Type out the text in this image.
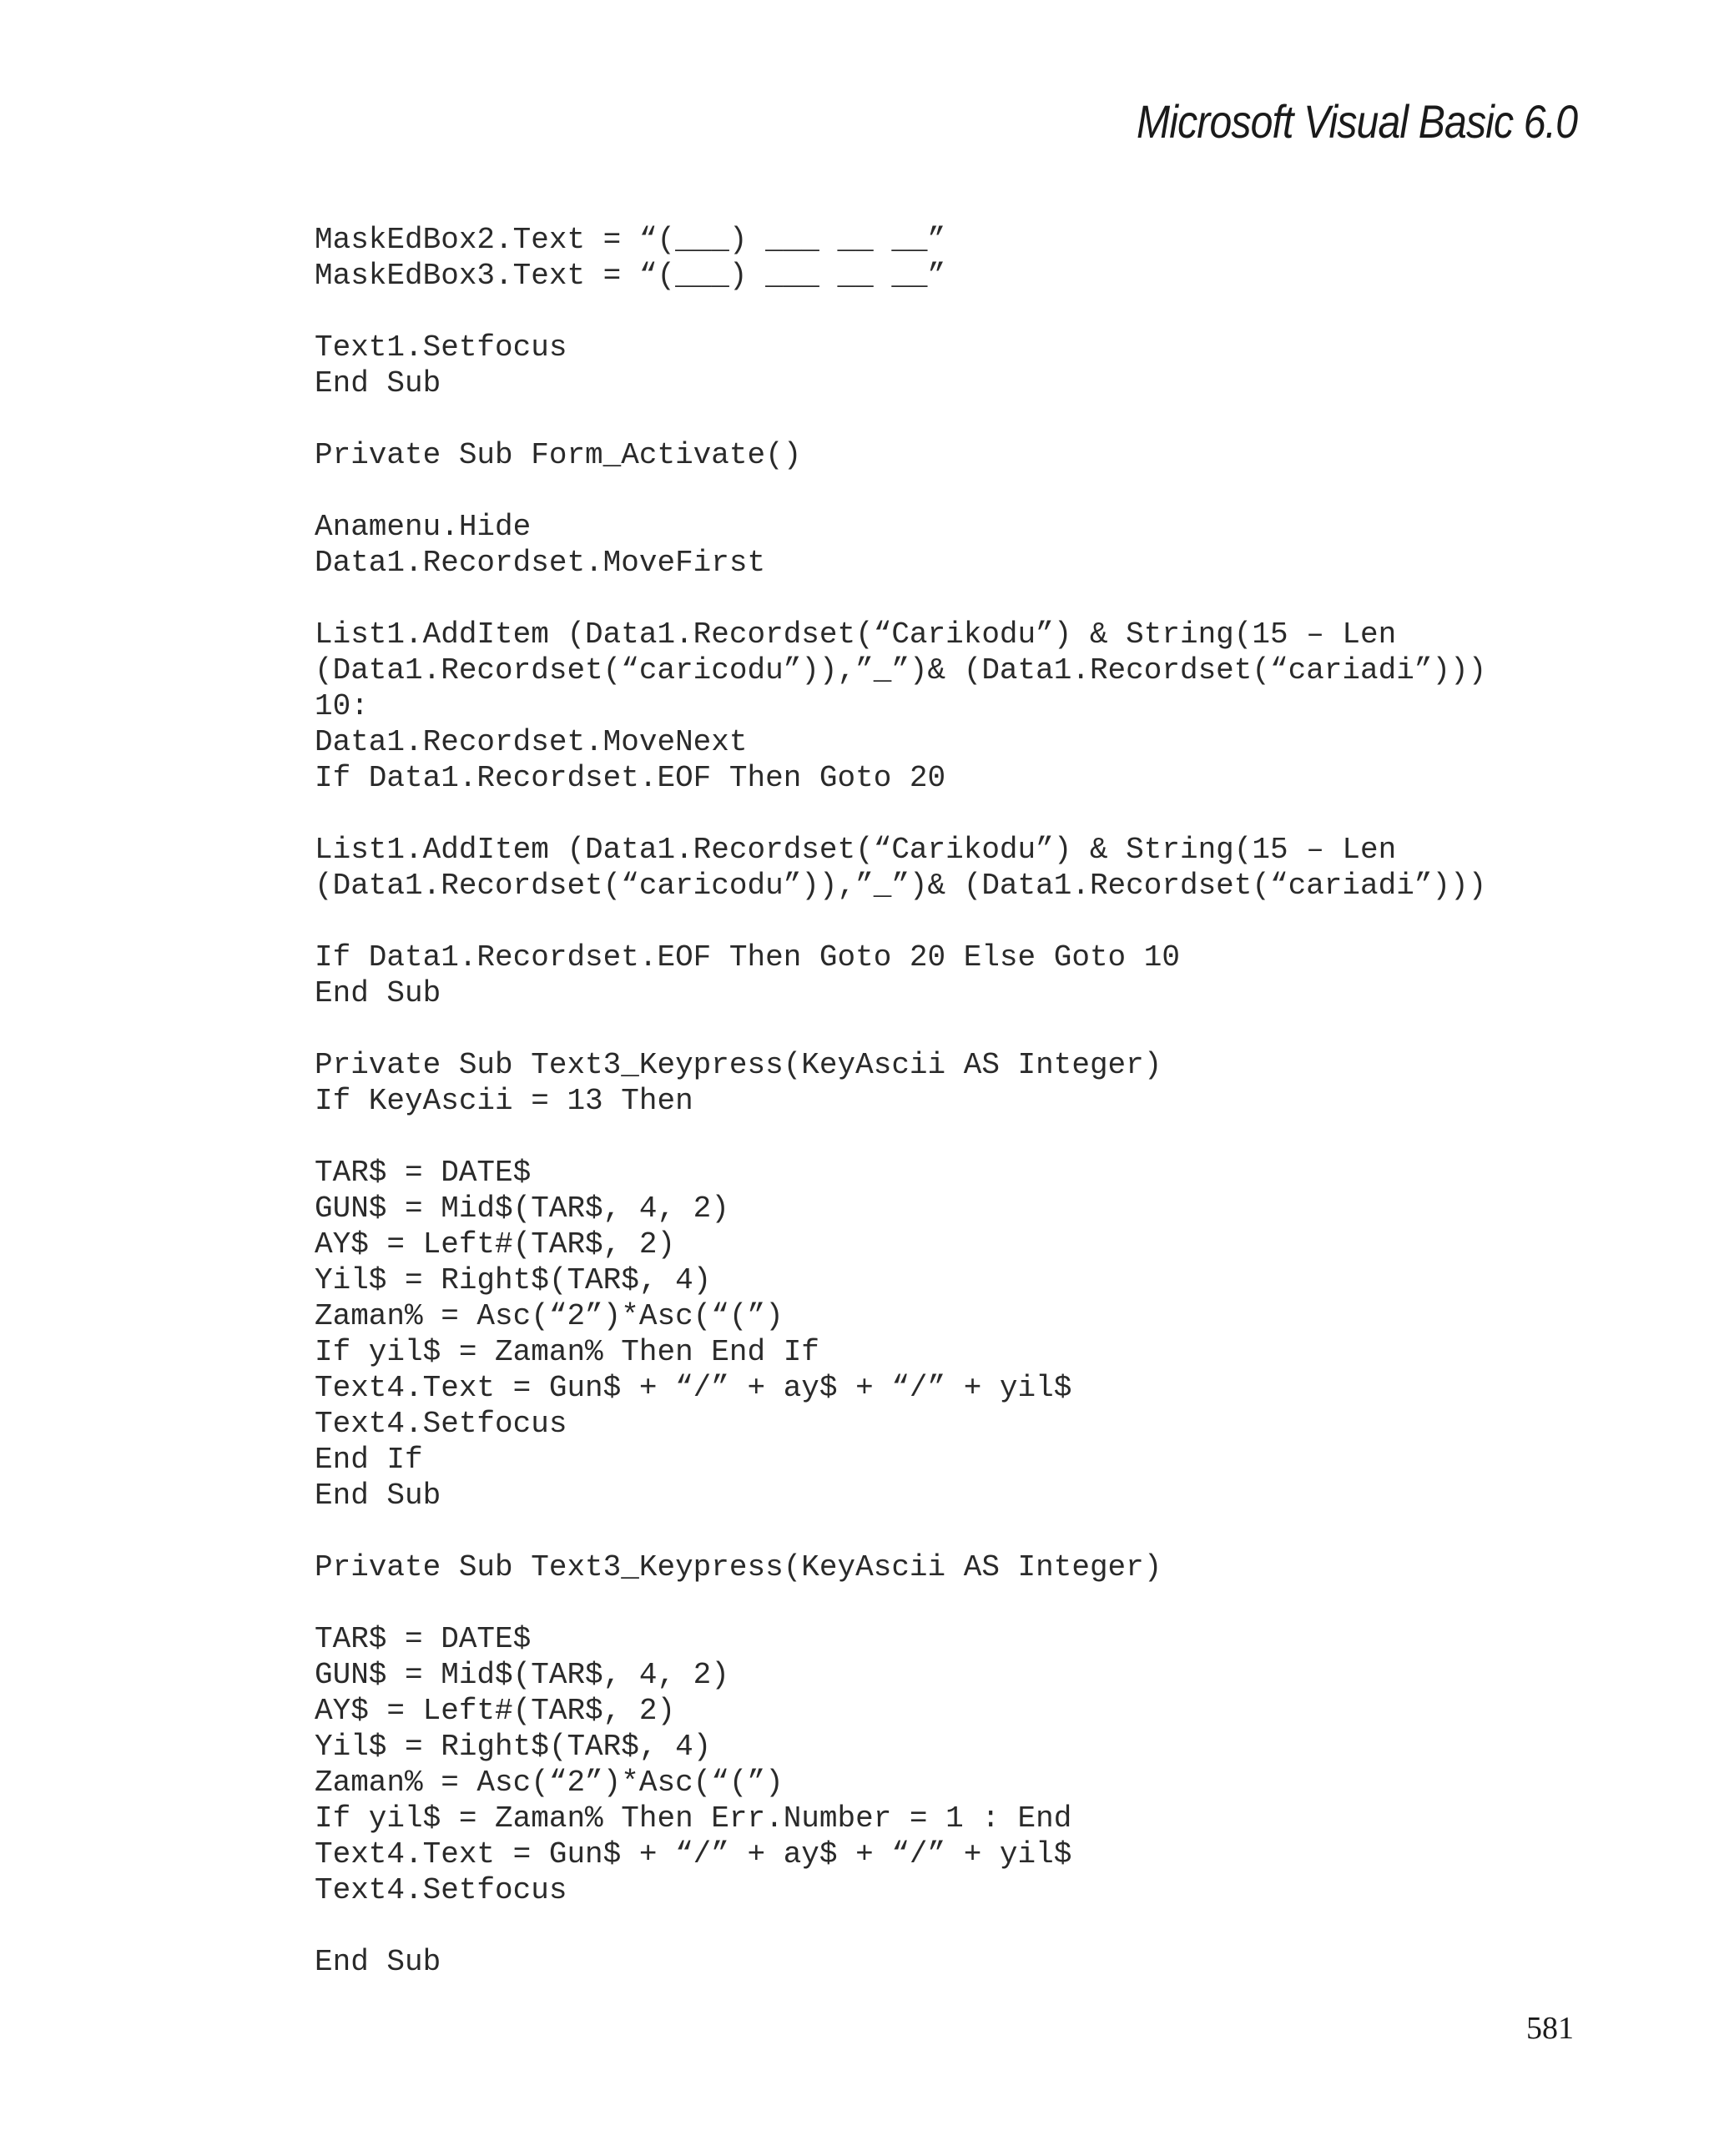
Microsoft Visual Basic 6.0
MaskEdBox2.Text = “(___) ___ __ __”
MaskEdBox3.Text = “(___) ___ __ __”
Text1.Setfocus
End Sub
Private Sub Form_Activate()
Anamenu.Hide
Data1.Recordset.MoveFirst
List1.AddItem (Data1.Recordset(“Carikodu”) & String(15 – Len
(Data1.Recordset(“caricodu”)),”_”)& (Data1.Recordset(“cariadi”)))
10:
Data1.Recordset.MoveNext
If Data1.Recordset.EOF Then Goto 20
List1.AddItem (Data1.Recordset(“Carikodu”) & String(15 – Len
(Data1.Recordset(“caricodu”)),”_”)& (Data1.Recordset(“cariadi”)))
If Data1.Recordset.EOF Then Goto 20 Else Goto 10
End Sub
Private Sub Text3_Keypress(KeyAscii AS Integer)
If KeyAscii = 13 Then
TAR$ = DATE$
GUN$ = Mid$(TAR$, 4, 2)
AY$ = Left#(TAR$, 2)
Yil$ = Right$(TAR$, 4)
Zaman% = Asc(“2”)*Asc(“(”)
If yil$ = Zaman% Then End If
Text4.Text = Gun$ + “/” + ay$ + “/” + yil$
Text4.Setfocus
End If
End Sub
Private Sub Text3_Keypress(KeyAscii AS Integer)
TAR$ = DATE$
GUN$ = Mid$(TAR$, 4, 2)
AY$ = Left#(TAR$, 2)
Yil$ = Right$(TAR$, 4)
Zaman% = Asc(“2”)*Asc(“(”)
If yil$ = Zaman% Then Err.Number = 1 : End
Text4.Text = Gun$ + “/” + ay$ + “/” + yil$
Text4.Setfocus
End Sub
581
